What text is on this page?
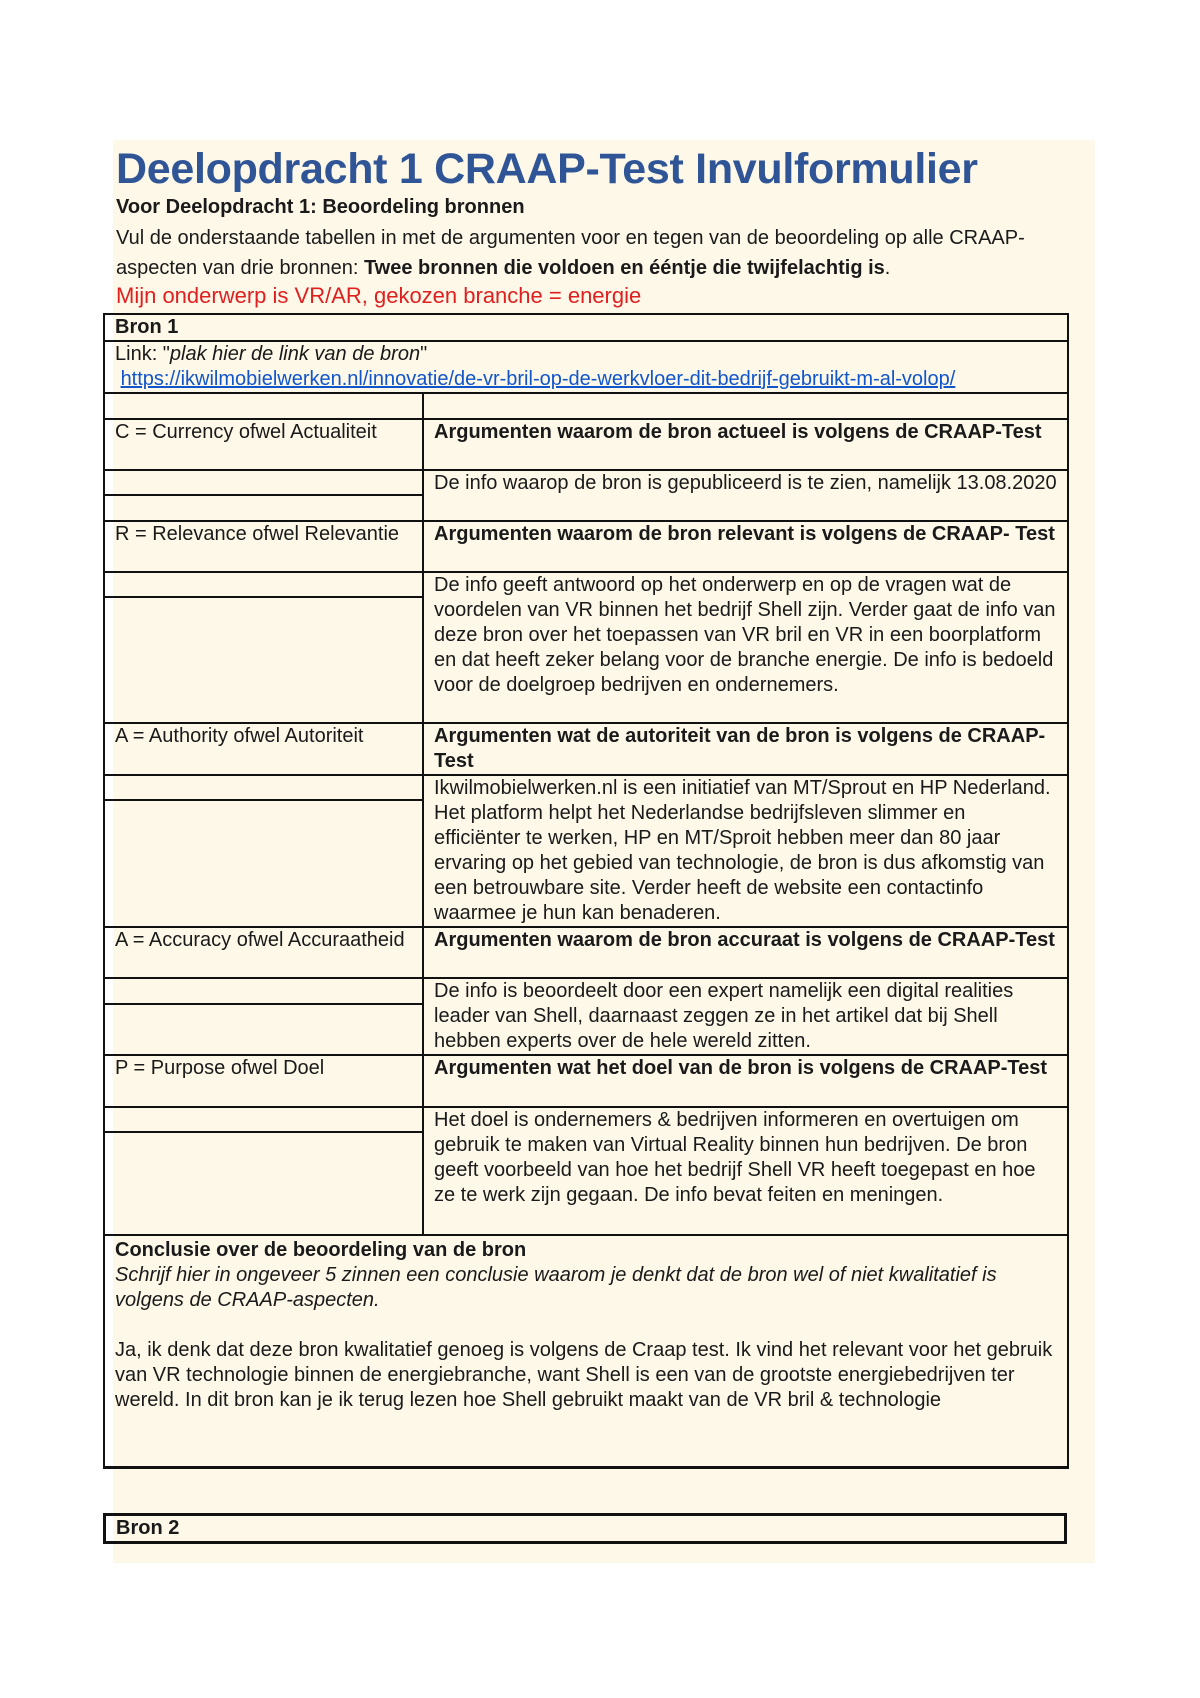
Deelopdracht 1 CRAAP-Test Invulformulier
Voor Deelopdracht 1: Beoordeling bronnen
Vul de onderstaande tabellen in met de argumenten voor en tegen van de beoordeling op alle CRAAP-aspecten van drie bronnen: Twee bronnen die voldoen en ééntje die twijfelachtig is.
Mijn onderwerp is VR/AR, gekozen branche = energie
Bron 1	
Link: "plak hier de link van de bron"
https://ikwilmobielwerken.nl/innovatie/de-vr-bril-op-de-werkvloer-dit-bedrijf-gebruikt-m-al-volop/	

C = Currency ofwel Actualiteit	Argumenten waarom de bron actueel is volgens de CRAAP-Test
	De info waarop de bron is gepubliceerd is te zien, namelijk 13.08.2020

R = Relevance ofwel Relevantie	Argumenten waarom de bron relevant is volgens de CRAAP- Test
	De info geeft antwoord op het onderwerp en op de vragen wat de voordelen van VR binnen het bedrijf Shell zijn. Verder gaat de info van deze bron over het toepassen van VR bril en VR in een boorplatform en dat heeft zeker belang voor de branche energie. De info is bedoeld voor de doelgroep bedrijven en ondernemers.

A = Authority ofwel Autoriteit	Argumenten wat de autoriteit van de bron is volgens de CRAAP-Test
	Ikwilmobielwerken.nl is een initiatief van MT/Sprout en HP Nederland. Het platform helpt het Nederlandse bedrijfsleven slimmer en efficiënter te werken, HP en MT/Sproit hebben meer dan 80 jaar ervaring op het gebied van technologie, de bron is dus afkomstig van een betrouwbare site. Verder heeft de website een contactinfo waarmee je hun kan benaderen.

A = Accuracy ofwel Accuraatheid	Argumenten waarom de bron accuraat is volgens de CRAAP-Test
	De info is beoordeelt door een expert namelijk een digital realities leader van Shell, daarnaast zeggen ze in het artikel dat bij Shell hebben experts over de hele wereld zitten.

P = Purpose ofwel Doel	Argumenten wat het doel van de bron is volgens de CRAAP-Test
	Het doel is ondernemers & bedrijven informeren en overtuigen om gebruik te maken van Virtual Reality binnen hun bedrijven. De bron geeft voorbeeld van hoe het bedrijf Shell VR heeft toegepast en hoe ze te werk zijn gegaan. De info bevat feiten en meningen.

Conclusie over de beoordeling van de bron
Schrijf hier in ongeveer 5 zinnen een conclusie waarom je denkt dat de bron wel of niet kwalitatief is volgens de CRAAP-aspecten.
Ja, ik denk dat deze bron kwalitatief genoeg is volgens de Craap test. Ik vind het relevant voor het gebruik van VR technologie binnen de energiebranche, want Shell is een van de grootste energiebedrijven ter wereld. In dit bron kan je ik terug lezen hoe Shell gebruikt maakt van de VR bril & technologie	
Bron 2
